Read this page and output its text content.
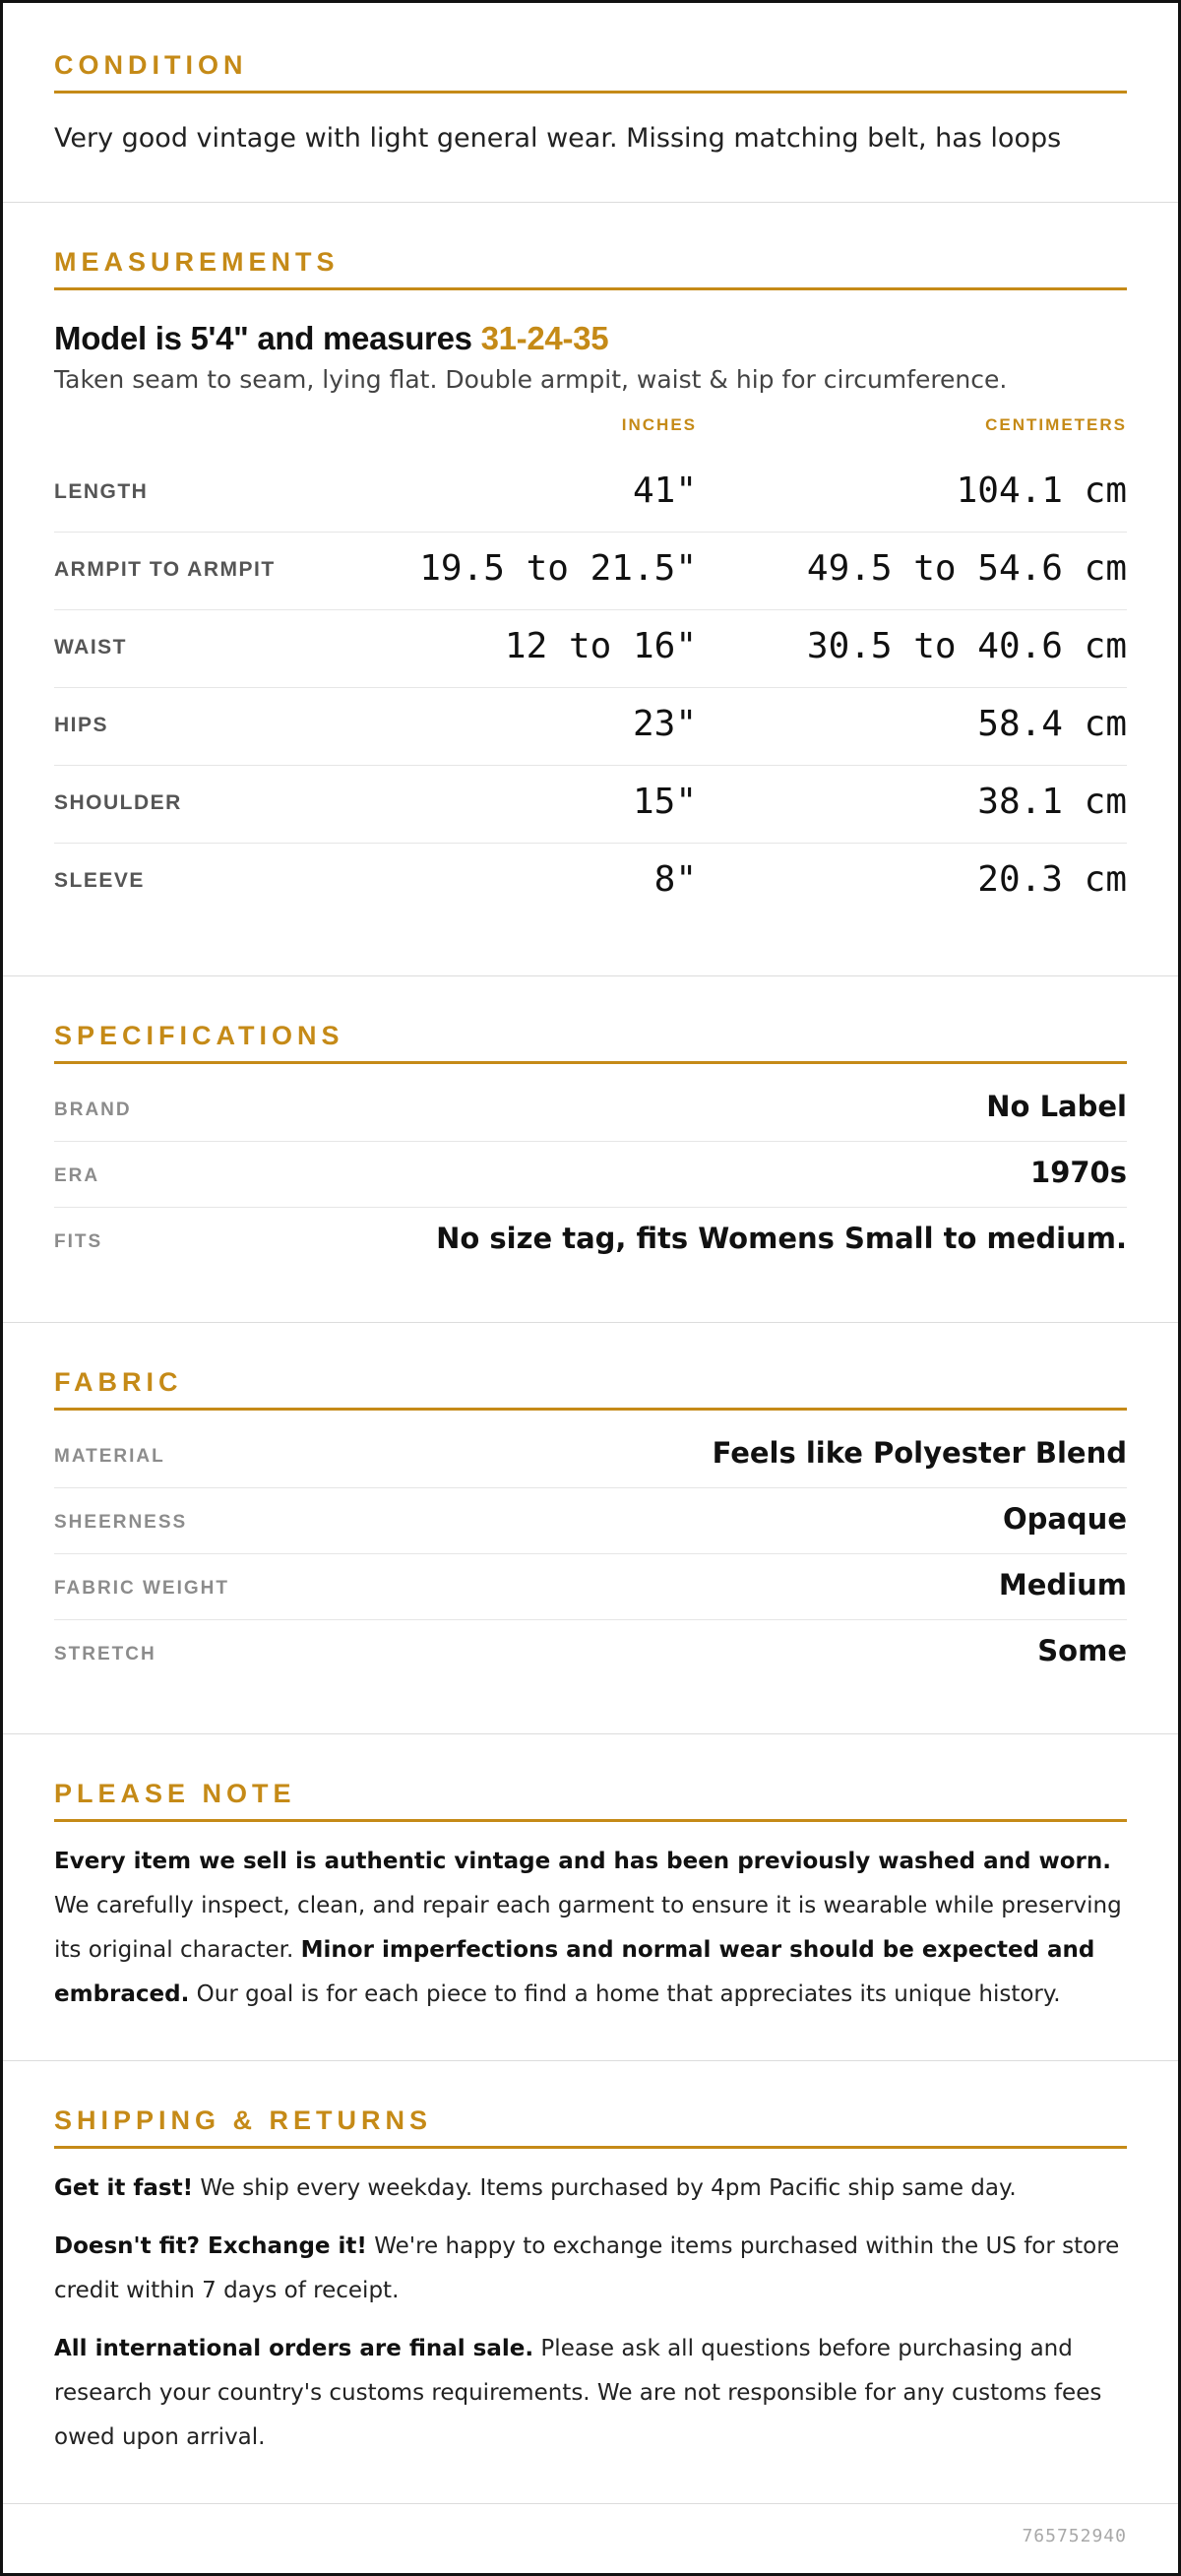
CONDITION
Very good vintage with light general wear. Missing matching belt, has loops
MEASUREMENTS
Model is 5'4" and measures 31-24-35
Taken seam to seam, lying flat. Double armpit, waist & hip for circumference.
INCHES	CENTIMETERS
LENGTH	41"	104.1 cm
ARMPIT TO ARMPIT	19.5 to 21.5"	49.5 to 54.6 cm
WAIST	12 to 16"	30.5 to 40.6 cm
HIPS	23"	58.4 cm
SHOULDER	15"	38.1 cm
SLEEVE	8"	20.3 cm
SPECIFICATIONS
BRAND	No Label
ERA	1970s
FITS	No size tag, fits Womens Small to medium.
FABRIC
MATERIAL	Feels like Polyester Blend
SHEERNESS	Opaque
FABRIC WEIGHT	Medium
STRETCH	Some
PLEASE NOTE
Every item we sell is authentic vintage and has been previously washed and worn. We carefully inspect, clean, and repair each garment to ensure it is wearable while preserving its original character. Minor imperfections and normal wear should be expected and embraced. Our goal is for each piece to find a home that appreciates its unique history.
SHIPPING & RETURNS

Get it fast! We ship every weekday. Items purchased by 4pm Pacific ship same day.

Doesn't fit? Exchange it! We're happy to exchange items purchased within the US for store credit within 7 days of receipt.

All international orders are final sale. Please ask all questions before purchasing and research your country's customs requirements. We are not responsible for any customs fees owed upon arrival.

765752940
